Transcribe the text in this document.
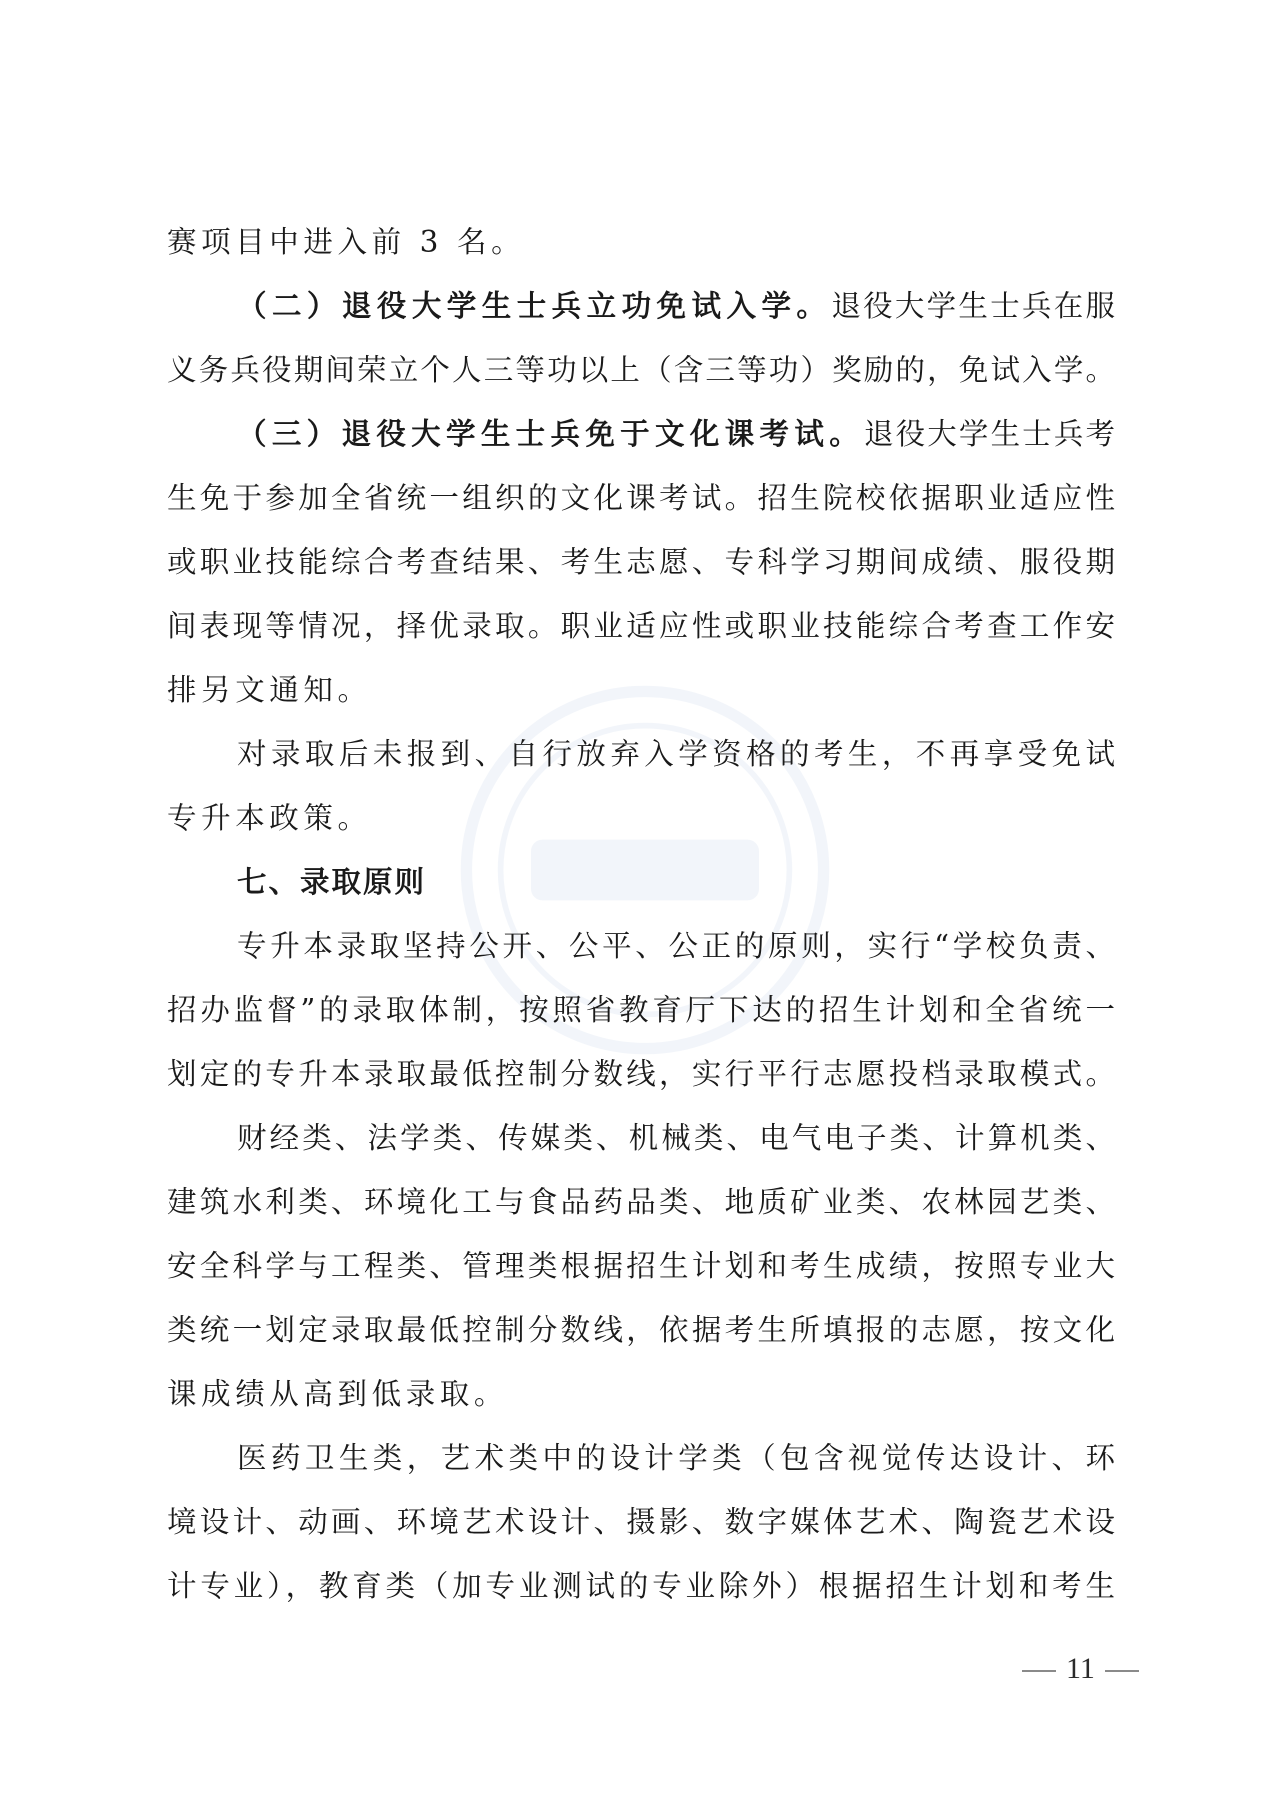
赛项目中进入前 3 名。
（二）退役大学生士兵立功免试入学。退役大学生士兵在服
义务兵役期间荣立个人三等功以上（含三等功）奖励的，免试入学。
（三）退役大学生士兵免于文化课考试。退役大学生士兵考
生免于参加全省统一组织的文化课考试。招生院校依据职业适应性
或职业技能综合考查结果、考生志愿、专科学习期间成绩、服役期
间表现等情况，择优录取。职业适应性或职业技能综合考查工作安
排另文通知。
对录取后未报到、自行放弃入学资格的考生，不再享受免试
专升本政策。
七、录取原则
专升本录取坚持公开、公平、公正的原则，实行“学校负责、
招办监督”的录取体制，按照省教育厅下达的招生计划和全省统一
划定的专升本录取最低控制分数线，实行平行志愿投档录取模式。
财经类、法学类、传媒类、机械类、电气电子类、计算机类、
建筑水利类、环境化工与食品药品类、地质矿业类、农林园艺类、
安全科学与工程类、管理类根据招生计划和考生成绩，按照专业大
类统一划定录取最低控制分数线，依据考生所填报的志愿，按文化
课成绩从高到低录取。
医药卫生类，艺术类中的设计学类（包含视觉传达设计、环
境设计、动画、环境艺术设计、摄影、数字媒体艺术、陶瓷艺术设
计专业），教育类（加专业测试的专业除外）根据招生计划和考生
11
